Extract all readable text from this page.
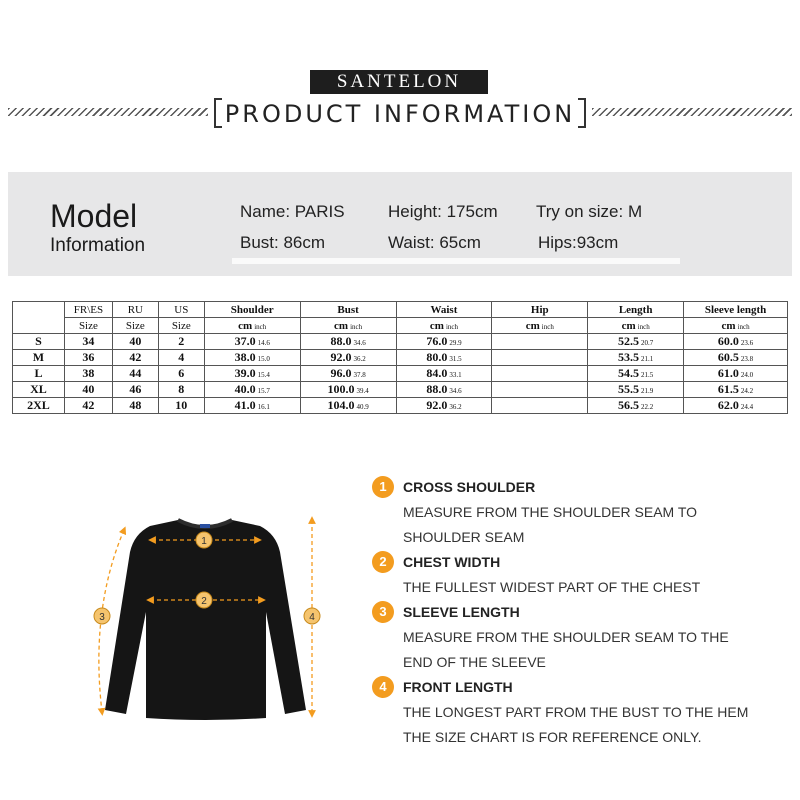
SANTELON
PRODUCT INFORMATION
Model
Information
Name: PARIS	Height: 175cm Try on size: M
Bust: 86cm	Waist: 65cm	Hips:93cm
	FR\ES	RU	US	Shoulder	Bust	Waist	Hip	Length	Sleeve length
	Size	Size	Size	cm inch	cm inch	cm inch	cm inch	cm inch	cm inch
S	34	40	2	37.0 14.6	88.0 34.6	76.0 29.9		52.5 20.7	60.0 23.6
M	36	42	4	38.0 15.0	92.0 36.2	80.0 31.5		53.5 21.1	60.5 23.8
L	38	44	6	39.0 15.4	96.0 37.8	84.0 33.1		54.5 21.5	61.0 24.0
XL	40	46	8	40.0 15.7	100.0 39.4	88.0 34.6		55.5 21.9	61.5 24.2
2XL	42	48	10	41.0 16.1	104.0 40.9	92.0 36.2		56.5 22.2	62.0 24.4
1
2
3	4
1	CROSS SHOULDER
MEASURE FROM THE SHOULDER SEAM TO
SHOULDER SEAM
2	CHEST WIDTH
THE FULLEST WIDEST PART OF THE CHEST
3	SLEEVE LENGTH
MEASURE FROM THE SHOULDER SEAM TO THE
END OF THE SLEEVE
4	FRONT LENGTH
THE LONGEST PART FROM THE BUST TO THE HEM
THE SIZE CHART IS FOR REFERENCE ONLY.
